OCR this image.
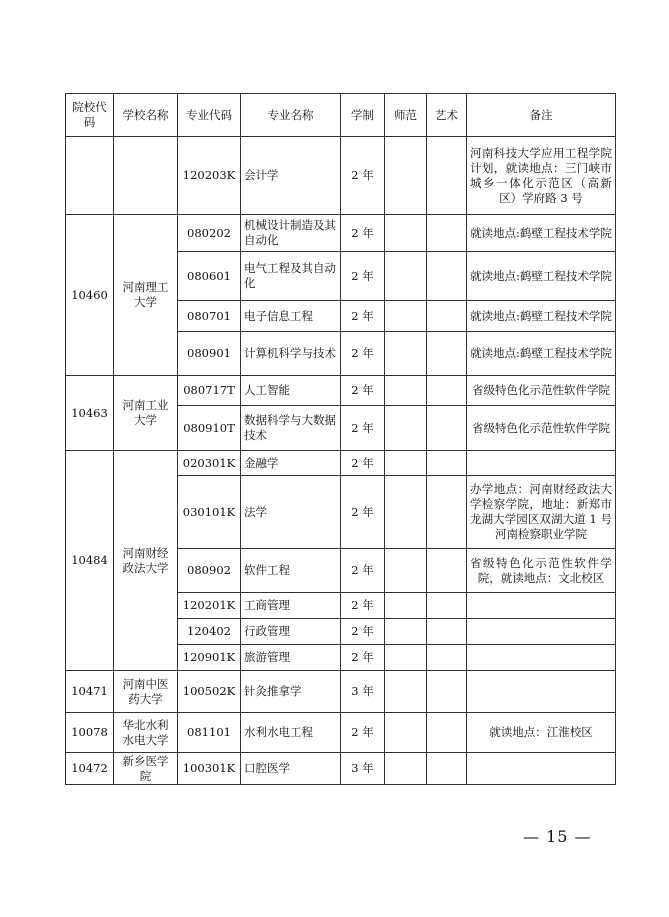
院校代码	学校名称	专业代码	专业名称	学制	师范	艺术	备注
		120203K	会计学	2 年			河南科技大学应用工程学院计划，就读地点：三门峡市城乡一体化示范区（高新区）学府路 3 号
10460	河南理工大学	080202	机械设计制造及其自动化	2 年			就读地点:鹤壁工程技术学院
		080601	电气工程及其自动化	2 年			就读地点:鹤壁工程技术学院
		080701	电子信息工程	2 年			就读地点:鹤壁工程技术学院
		080901	计算机科学与技术	2 年			就读地点:鹤壁工程技术学院
10463	河南工业大学	080717T	人工智能	2 年			省级特色化示范性软件学院
		080910T	数据科学与大数据技术	2 年			省级特色化示范性软件学院
10484	河南财经政法大学	020301K	金融学	2 年			
		030101K	法学	2 年			办学地点：河南财经政法大学检察学院，地址：新郑市龙湖大学园区双湖大道 1 号河南检察职业学院
		080902	软件工程	2 年			省级特色化示范性软件学院，就读地点：文北校区
		120201K	工商管理	2 年			
		120402	行政管理	2 年			
		120901K	旅游管理	2 年			
10471	河南中医药大学	100502K	针灸推拿学	3 年			
10078	华北水利水电大学	081101	水利水电工程	2 年			就读地点：江淮校区
10472	新乡医学院	100301K	口腔医学	3 年			
— 15 —
